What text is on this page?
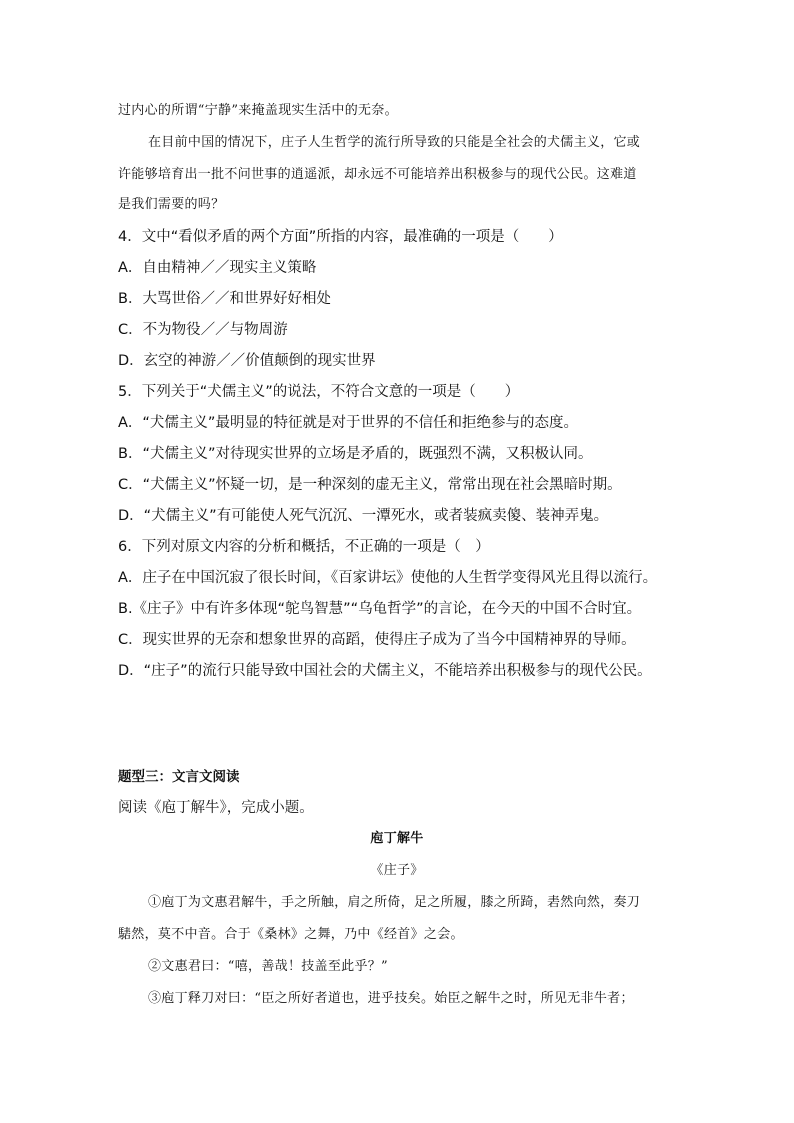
过内心的所谓“宁静”来掩盖现实生活中的无奈。
在目前中国的情况下，庄子人生哲学的流行所导致的只能是全社会的犬儒主义，它或
许能够培育出一批不问世事的逍遥派，却永远不可能培养出积极参与的现代公民。这难道
是我们需要的吗？
4．文中“看似矛盾的两个方面”所指的内容，最准确的一项是（　　）
A．自由精神／／现实主义策略
B．大骂世俗／／和世界好好相处
C．不为物役／／与物周游
D．玄空的神游／／价值颠倒的现实世界
5．下列关于“犬儒主义”的说法，不符合文意的一项是（　　）
A．“犬儒主义”最明显的特征就是对于世界的不信任和拒绝参与的态度。
B．“犬儒主义”对待现实世界的立场是矛盾的，既强烈不满，又积极认同。
C．“犬儒主义”怀疑一切，是一种深刻的虚无主义，常常出现在社会黑暗时期。
D．“犬儒主义”有可能使人死气沉沉、一潭死水，或者装疯卖傻、装神弄鬼。
6．下列对原文内容的分析和概括，不正确的一项是（　）
A．庄子在中国沉寂了很长时间，《百家讲坛》使他的人生哲学变得风光且得以流行。
B.《庄子》中有许多体现“鸵鸟智慧”“乌龟哲学”的言论，在今天的中国不合时宜。
C．现实世界的无奈和想象世界的高蹈，使得庄子成为了当今中国精神界的导师。
D．“庄子”的流行只能导致中国社会的犬儒主义，不能培养出积极参与的现代公民。
题型三：文言文阅读
阅读《庖丁解牛》，完成小题。
庖丁解牛
《庄子》
①庖丁为文惠君解牛，手之所触，肩之所倚，足之所履，膝之所踦，砉然向然，奏刀
騞然，莫不中音。合于《桑林》之舞，乃中《经首》之会。
②文惠君曰：“嘻，善哉！技盖至此乎？”
③庖丁释刀对曰：“臣之所好者道也，进乎技矣。始臣之解牛之时，所见无非牛者；
